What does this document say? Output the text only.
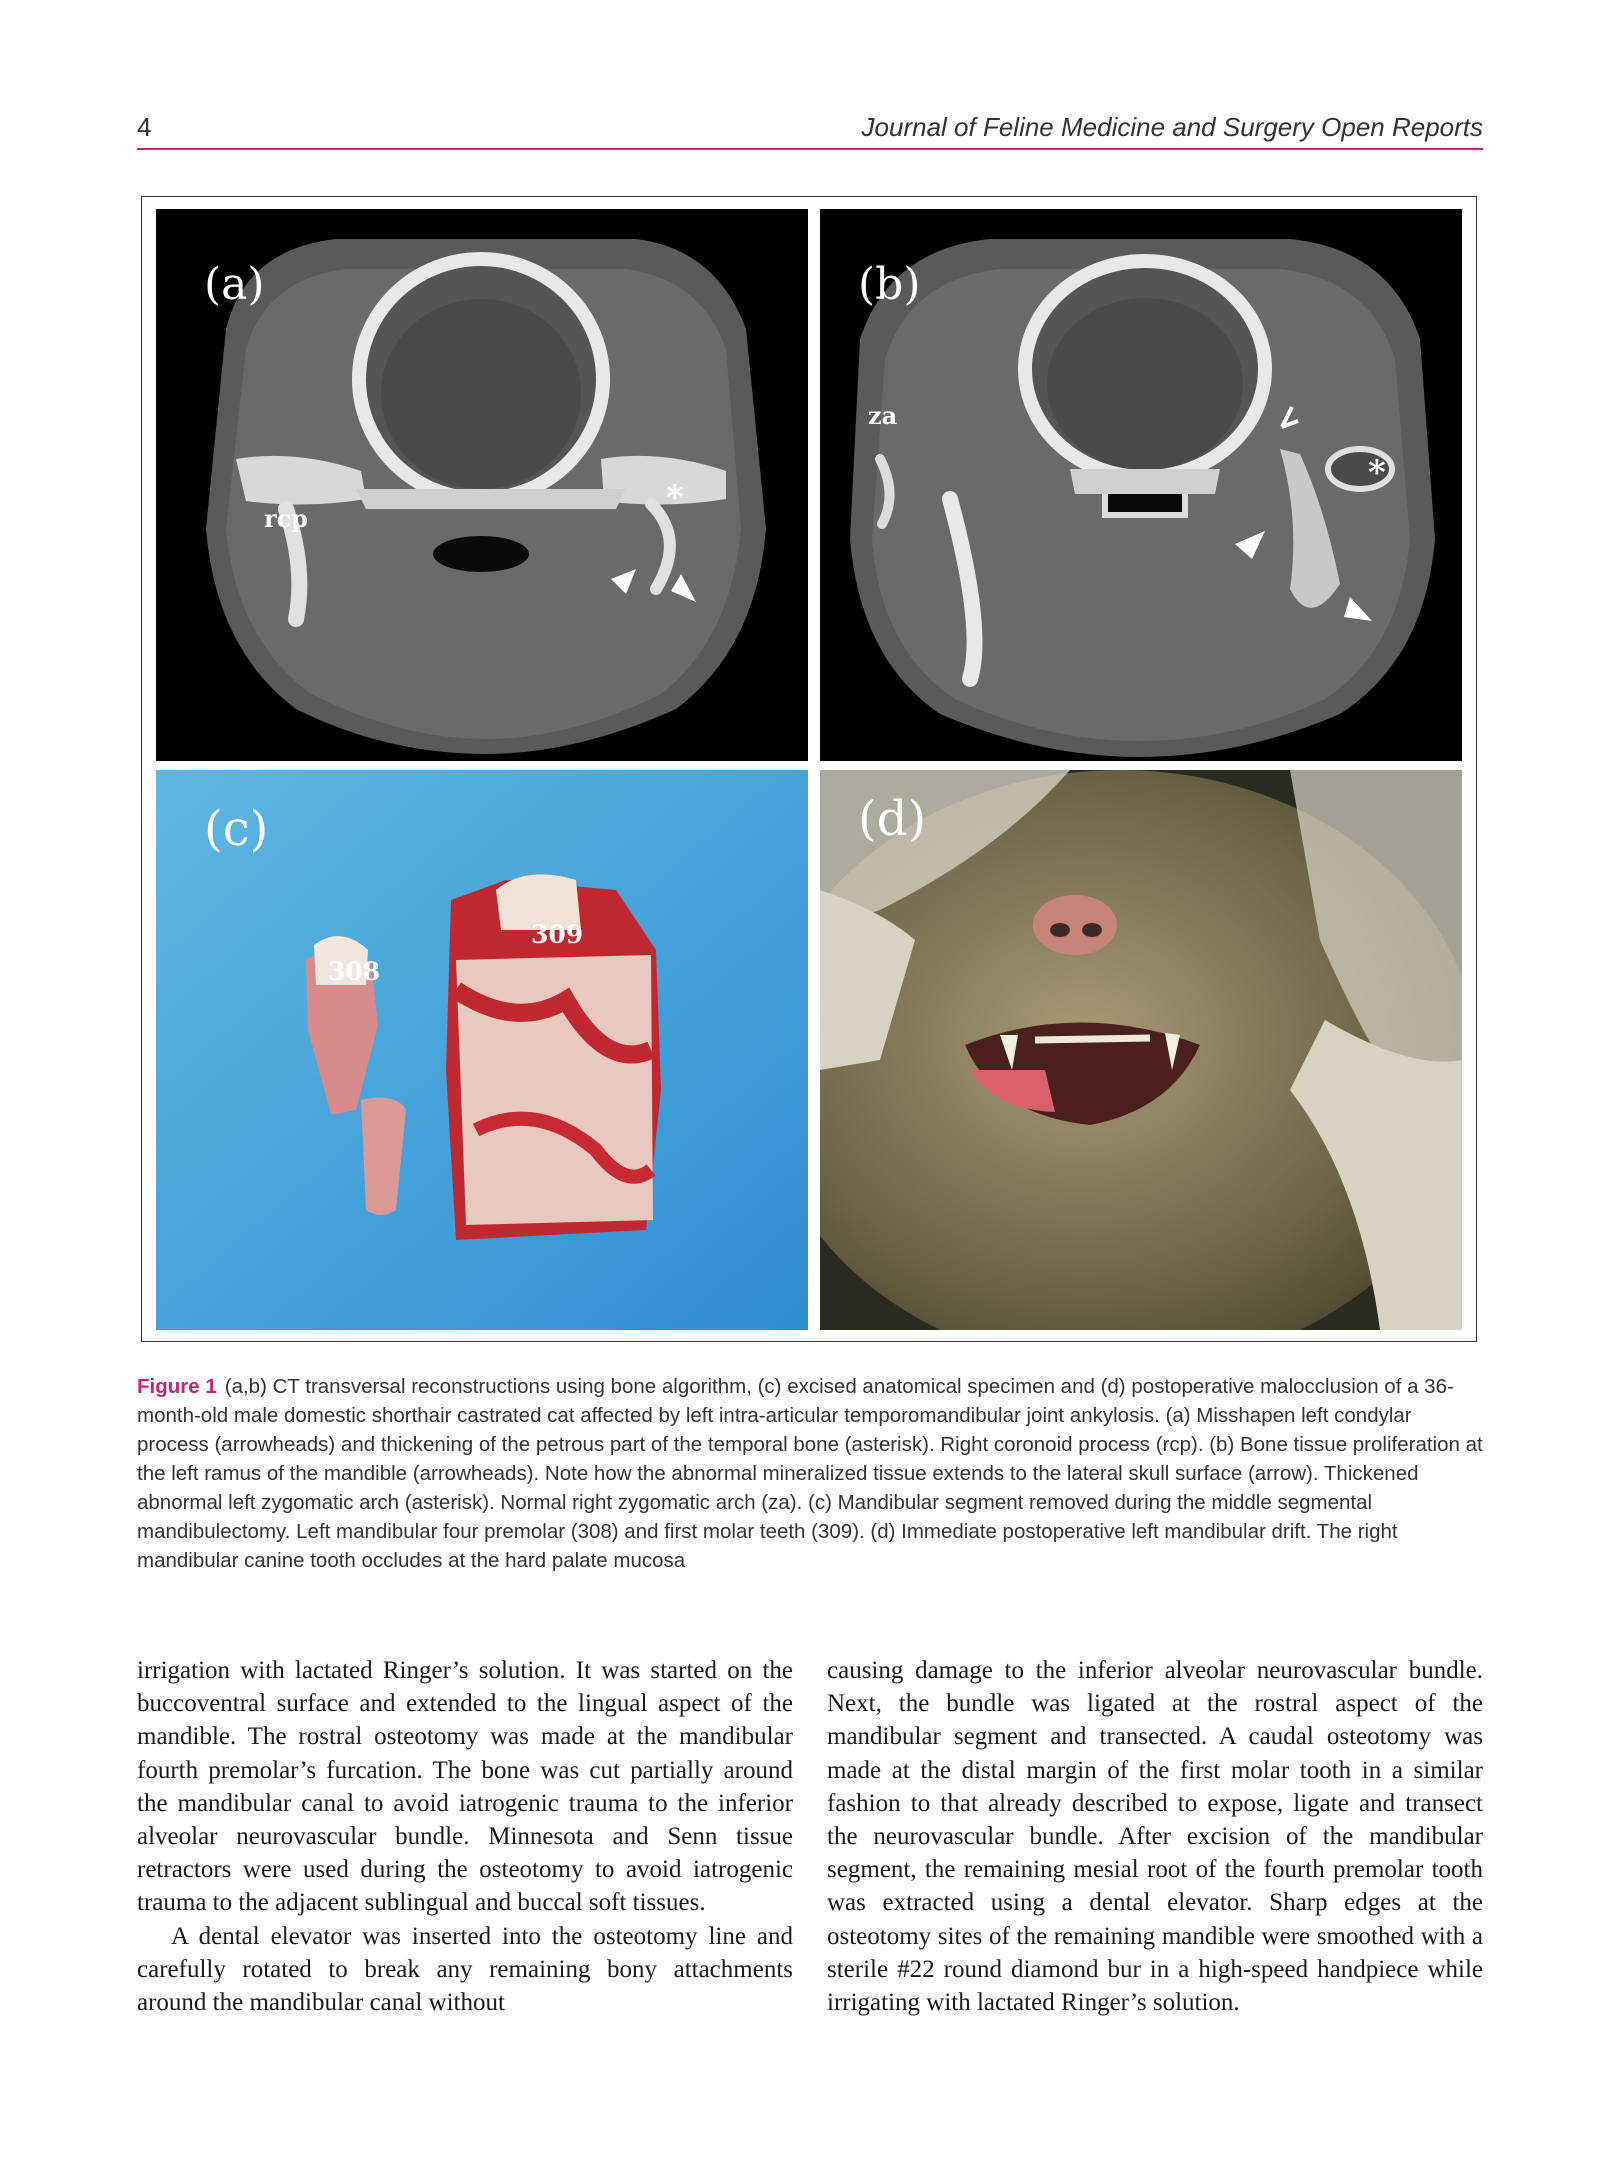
4	Journal of Feline Medicine and Surgery Open Reports
(a)
rcp
*
(b)
za
*
(c)
308
309
(d)
Figure 1 (a,b) CT transversal reconstructions using bone algorithm, (c) excised anatomical specimen and (d) postoperative malocclusion of a 36-month-old male domestic shorthair castrated cat affected by left intra-articular temporomandibular joint ankylosis. (a) Misshapen left condylar process (arrowheads) and thickening of the petrous part of the temporal bone (asterisk). Right coronoid process (rcp). (b) Bone tissue proliferation at the left ramus of the mandible (arrowheads). Note how the abnormal mineralized tissue extends to the lateral skull surface (arrow). Thickened abnormal left zygomatic arch (asterisk). Normal right zygomatic arch (za). (c) Mandibular segment removed during the middle segmental mandibulectomy. Left mandibular four premolar (308) and first molar teeth (309). (d) Immediate postoperative left mandibular drift. The right mandibular canine tooth occludes at the hard palate mucosa

irrigation with lactated Ringer’s solution. It was started on the buccoventral surface and extended to the lingual aspect of the mandible. The rostral osteotomy was made at the mandibular fourth premolar’s furcation. The bone was cut partially around the mandibular canal to avoid iatrogenic trauma to the inferior alveolar neurovascular bundle. Minnesota and Senn tissue retractors were used during the osteotomy to avoid iatrogenic trauma to the adjacent sublingual and buccal soft tissues.

A dental elevator was inserted into the osteotomy line and carefully rotated to break any remaining bony attachments around the mandibular canal without

causing damage to the inferior alveolar neurovascular bundle. Next, the bundle was ligated at the rostral aspect of the mandibular segment and transected. A caudal osteotomy was made at the distal margin of the first molar tooth in a similar fashion to that already described to expose, ligate and transect the neurovascular bundle. After excision of the mandibular segment, the remaining mesial root of the fourth premolar tooth was extracted using a dental elevator. Sharp edges at the osteotomy sites of the remaining mandible were smoothed with a sterile #22 round diamond bur in a high-speed handpiece while irrigating with lactated Ringer’s solution.
